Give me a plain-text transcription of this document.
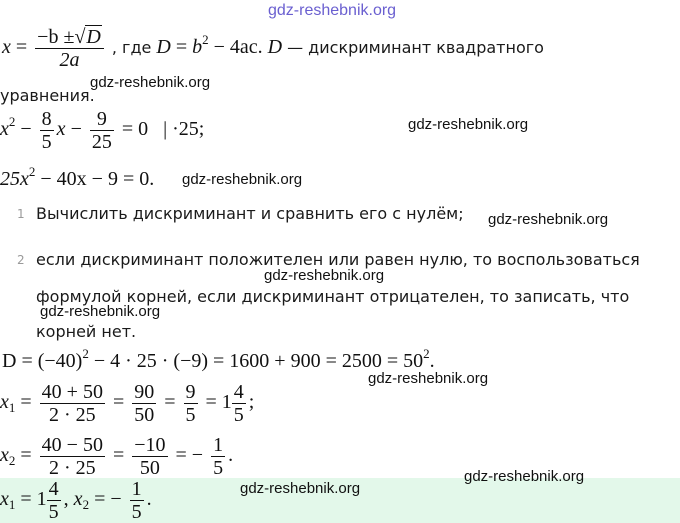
gdz-reshebnik.org
$x = \frac{-b \pm√D}{2a}$ , где $D = b^2 - 4ac$. D — дискриминант квадратного
уравнения.
gdz-reshebnik.org
$x^2 - \frac{8}{5}$ $x - \frac{9}{25} = 0$ | ·25;	gdz-reshebnik.org
$25x^2 - 40x - 9 = 0$. gdz-reshebnik.org
1 Вычислить дискриминант и сравнить его с нулём; gdz-reshebnik.org
2 если дискриминант положителен или равен нулю, то воспользоваться
gdz-reshebnik.org
формулой корней, если дискриминант отрицателен, то записать, что
gdz-reshebnik.org
корней нет.
$D = (-40)^2 - 4 \cdot 25 \cdot (-9) = 1600 + 900 = 2500 = 50^2$.
gdz-reshebnik.org
$x_1 = \frac{40 + 50}{2 \cdot 25} = \frac{90}{50} = \frac{9}{5} = 1 \frac{4}{5}$ ;
$x_2 = \frac{40 - 50}{2 \cdot 25} = \frac{-10}{50}$ = − $\frac{1}{5}$ .
gdz-reshebnik.org
$x_1 = 1 \frac{4}{5}$ , $x_2$ = − $\frac{1}{5}$ .	gdz-reshebnik.org
